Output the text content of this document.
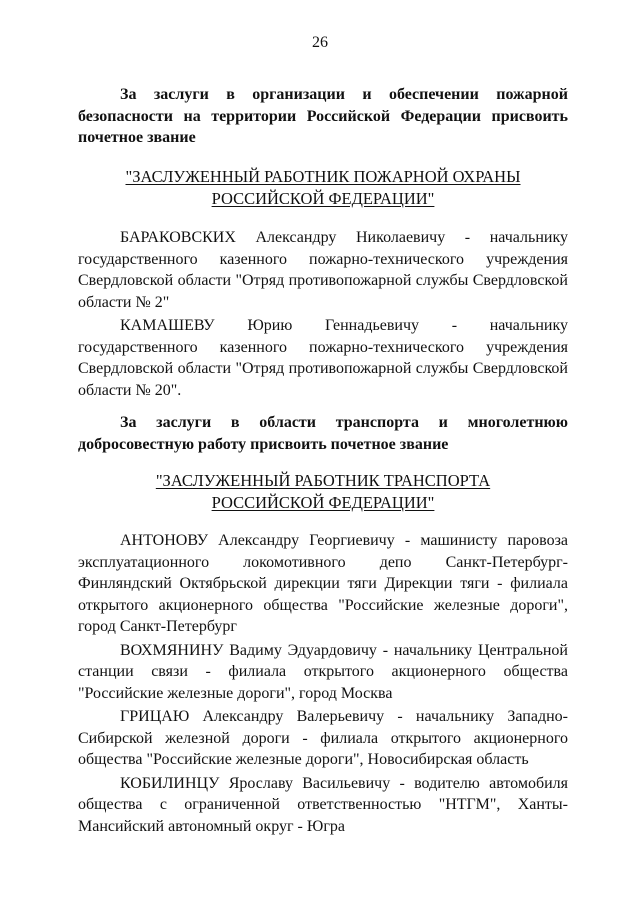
26
За заслуги в организации и обеспечении пожарной безопасности на территории Российской Федерации присвоить почетное звание
"ЗАСЛУЖЕННЫЙ РАБОТНИК ПОЖАРНОЙ ОХРАНЫ
РОССИЙСКОЙ ФЕДЕРАЦИИ"

БАРАКОВСКИХ Александру Николаевичу - начальнику государственного казенного пожарно-технического учреждения Свердловской области "Отряд противопожарной службы Свердловской области № 2"

КАМАШЕВУ Юрию Геннадьевичу - начальнику государственного казенного пожарно-технического учреждения Свердловской области "Отряд противопожарной службы Свердловской области № 20".

За заслуги в области транспорта и многолетнюю добросовестную работу присвоить почетное звание
"ЗАСЛУЖЕННЫЙ РАБОТНИК ТРАНСПОРТА
РОССИЙСКОЙ ФЕДЕРАЦИИ"

АНТОНОВУ Александру Георгиевичу - машинисту паровоза эксплуатационного локомотивного депо Санкт-Петербург-Финляндский Октябрьской дирекции тяги Дирекции тяги - филиала открытого акционерного общества "Российские железные дороги", город Санкт-Петербург

ВОХМЯНИНУ Вадиму Эдуардовичу - начальнику Центральной станции связи - филиала открытого акционерного общества "Российские железные дороги", город Москва

ГРИЦАЮ Александру Валерьевичу - начальнику Западно-Сибирской железной дороги - филиала открытого акционерного общества "Российские железные дороги", Новосибирская область

КОБИЛИНЦУ Ярославу Васильевичу - водителю автомобиля общества с ограниченной ответственностью "НТГМ", Ханты-Мансийский автономный округ - Югра
